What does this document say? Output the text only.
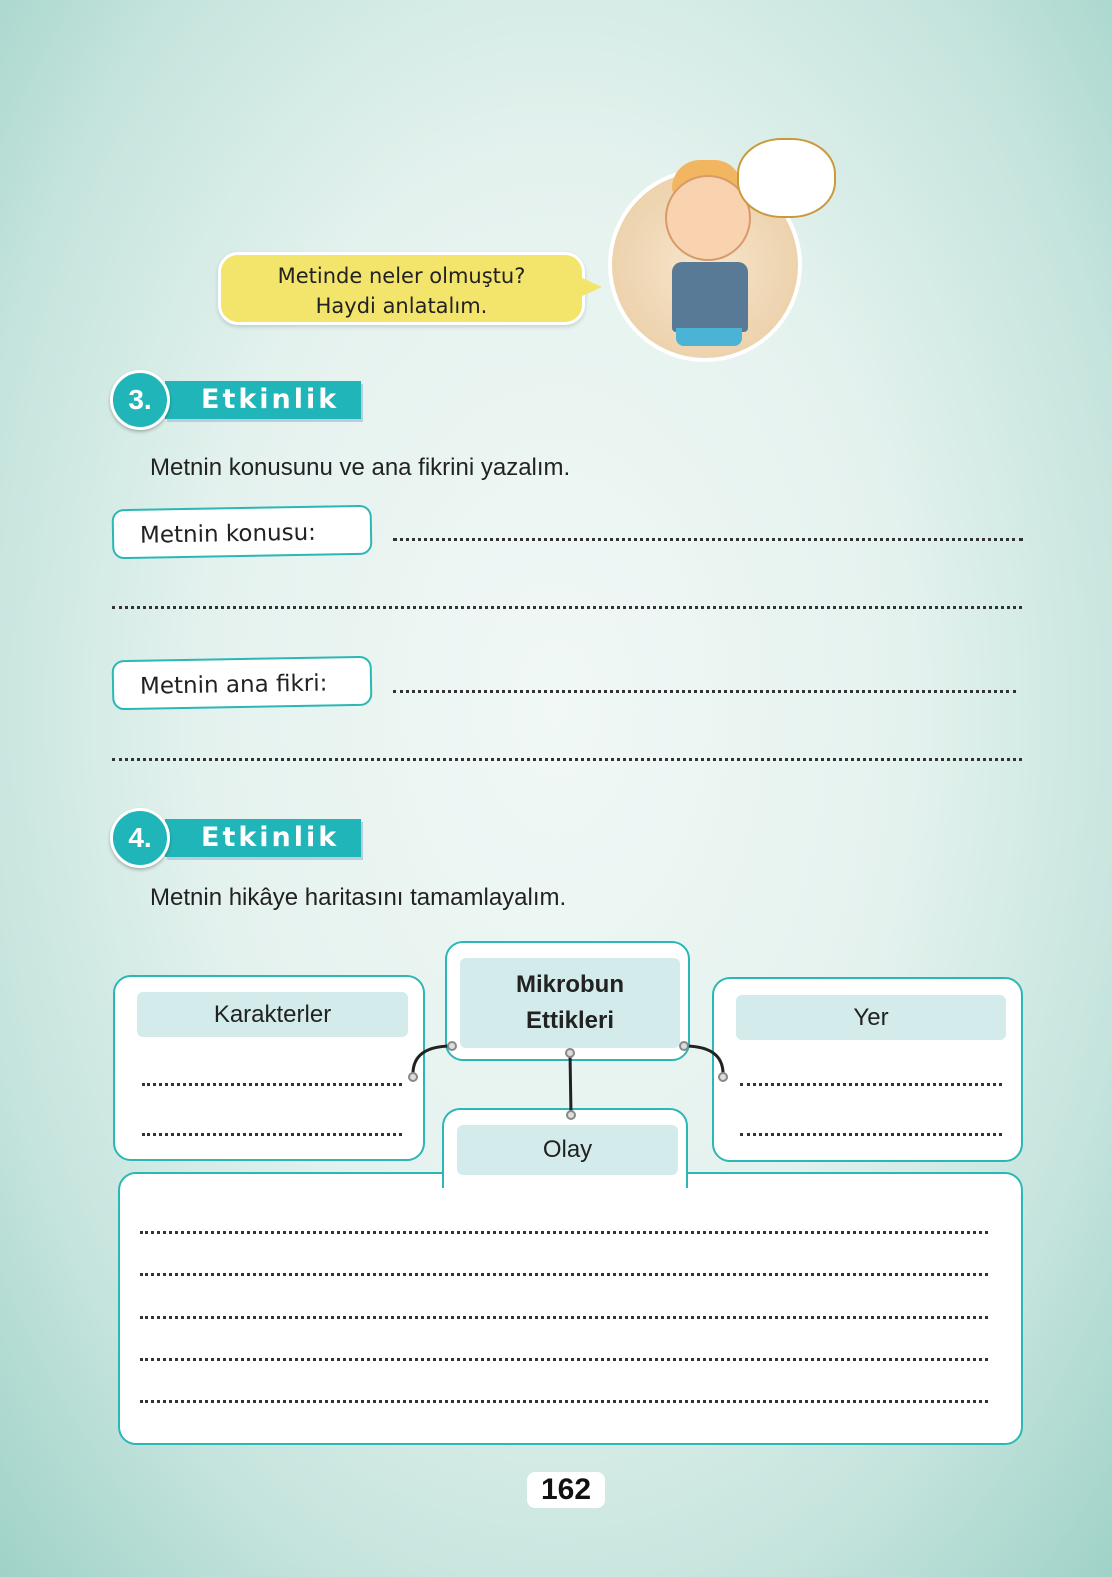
Metinde neler olmuştu?
Haydi anlatalım.
3.	Etkinlik
Metnin konusunu ve ana fikrini yazalım.
Metnin konusu:
Metnin ana fikri:
4.	Etkinlik
Metnin hikâye haritasını tamamlayalım.
Karakterler	Yer
Mikrobun
Ettikleri
Olay
162
